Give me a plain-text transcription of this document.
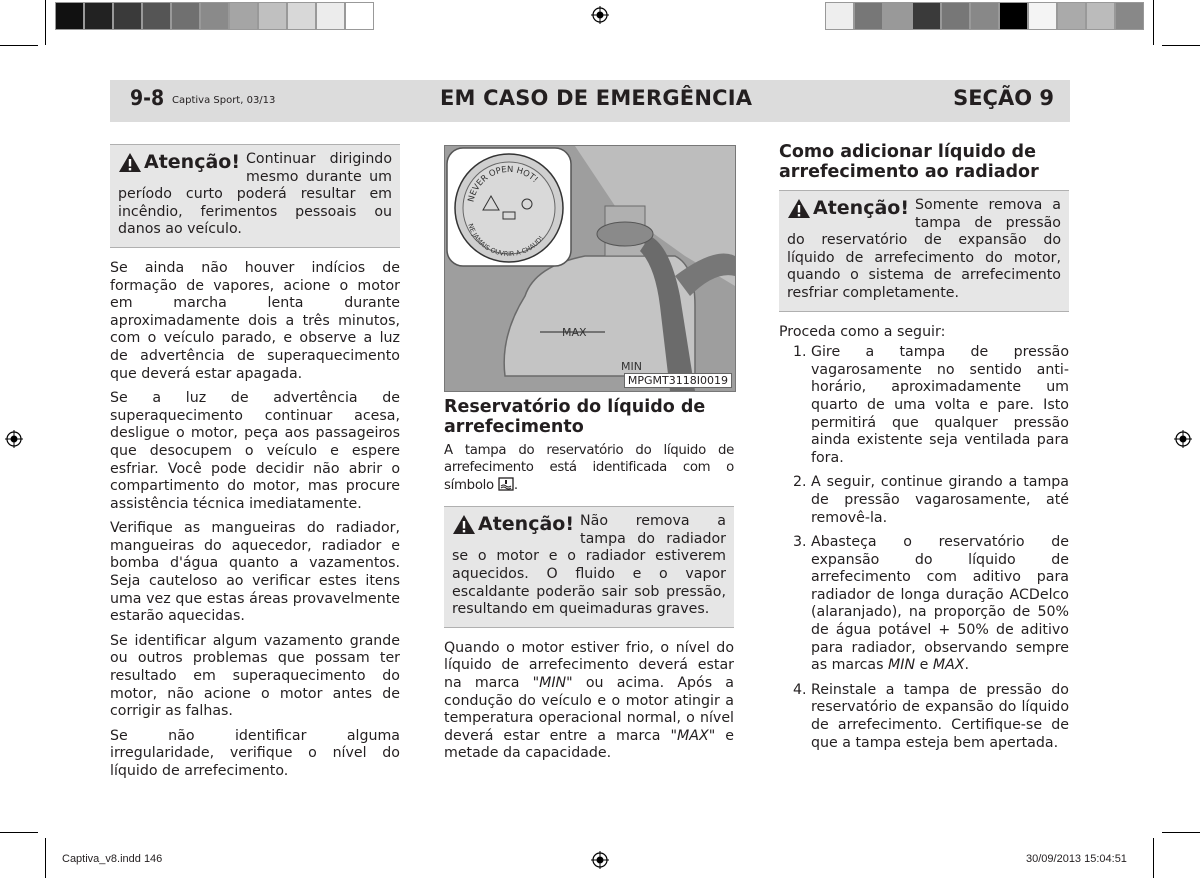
9-8 Captiva Sport, 03/13	EM CASO DE EMERGÊNCIA	SEÇÃO 9
Atenção! Continuar dirigindo mesmo durante um período curto poderá resultar em incêndio, ferimentos pessoais ou danos ao veículo.

Se ainda não houver indícios de formação de vapores, acione o motor em marcha lenta durante aproximadamente dois a três minutos, com o veículo parado, e observe a luz de advertência de superaquecimento que deverá estar apagada.

Se a luz de advertência de superaquecimento continuar acesa, desligue o motor, peça aos passageiros que desocupem o veículo e espere esfriar. Você pode decidir não abrir o compartimento do motor, mas procure assistência técnica imediatamente.

Verifique as mangueiras do radiador, mangueiras do aquecedor, radiador e bomba d'água quanto a vazamentos. Seja cauteloso ao verificar estes itens uma vez que estas áreas provavelmente estarão aquecidas.

Se identificar algum vazamento grande ou outros problemas que possam ter resultado em superaquecimento do motor, não acione o motor antes de corrigir as falhas.

Se não identificar alguma irregularidade, verifique o nível do líquido de arrefecimento.

MAX
MIN
NEVER OPEN HOT!
NE JAMAIS OUVRIR A CHAUD!
MPGMT3118I0019
Reservatório do líquido de arrefecimento

A tampa do reservatório do líquido de arrefecimento está identificada com o símbolo .

Atenção! Não remova a tampa do radiador se o motor e o radiador estiverem aquecidos. O fluido e o vapor escaldante poderão sair sob pressão, resultando em queimaduras graves.

Quando o motor estiver frio, o nível do líquido de arrefecimento deverá estar na marca "MIN" ou acima. Após a condução do veículo e o motor atingir a temperatura operacional normal, o nível deverá estar entre a marca "MAX" e metade da capacidade.

Como adicionar líquido de arrefecimento ao radiador
Atenção! Somente remova a tampa de pressão do reservatório de expansão do líquido de arrefecimento do motor, quando o sistema de arrefecimento resfriar completamente.

Proceda como a seguir:

1. Gire a tampa de pressão vagarosamente no sentido anti-horário, aproximadamente um quarto de uma volta e pare. Isto permitirá que qualquer pressão ainda existente seja ventilada para fora.
2. A seguir, continue girando a tampa de pressão vagarosamente, até removê-la.
3. Abasteça o reservatório de expansão do líquido de arrefecimento com aditivo para radiador de longa duração ACDelco (alaranjado), na proporção de 50% de água potável + 50% de aditivo para radiador, observando sempre as marcas MIN e MAX.
4. Reinstale a tampa de pressão do reservatório de expansão do líquido de arrefecimento. Certifique-se de que a tampa esteja bem apertada.
Captiva_v8.indd 146	30/09/2013 15:04:51
